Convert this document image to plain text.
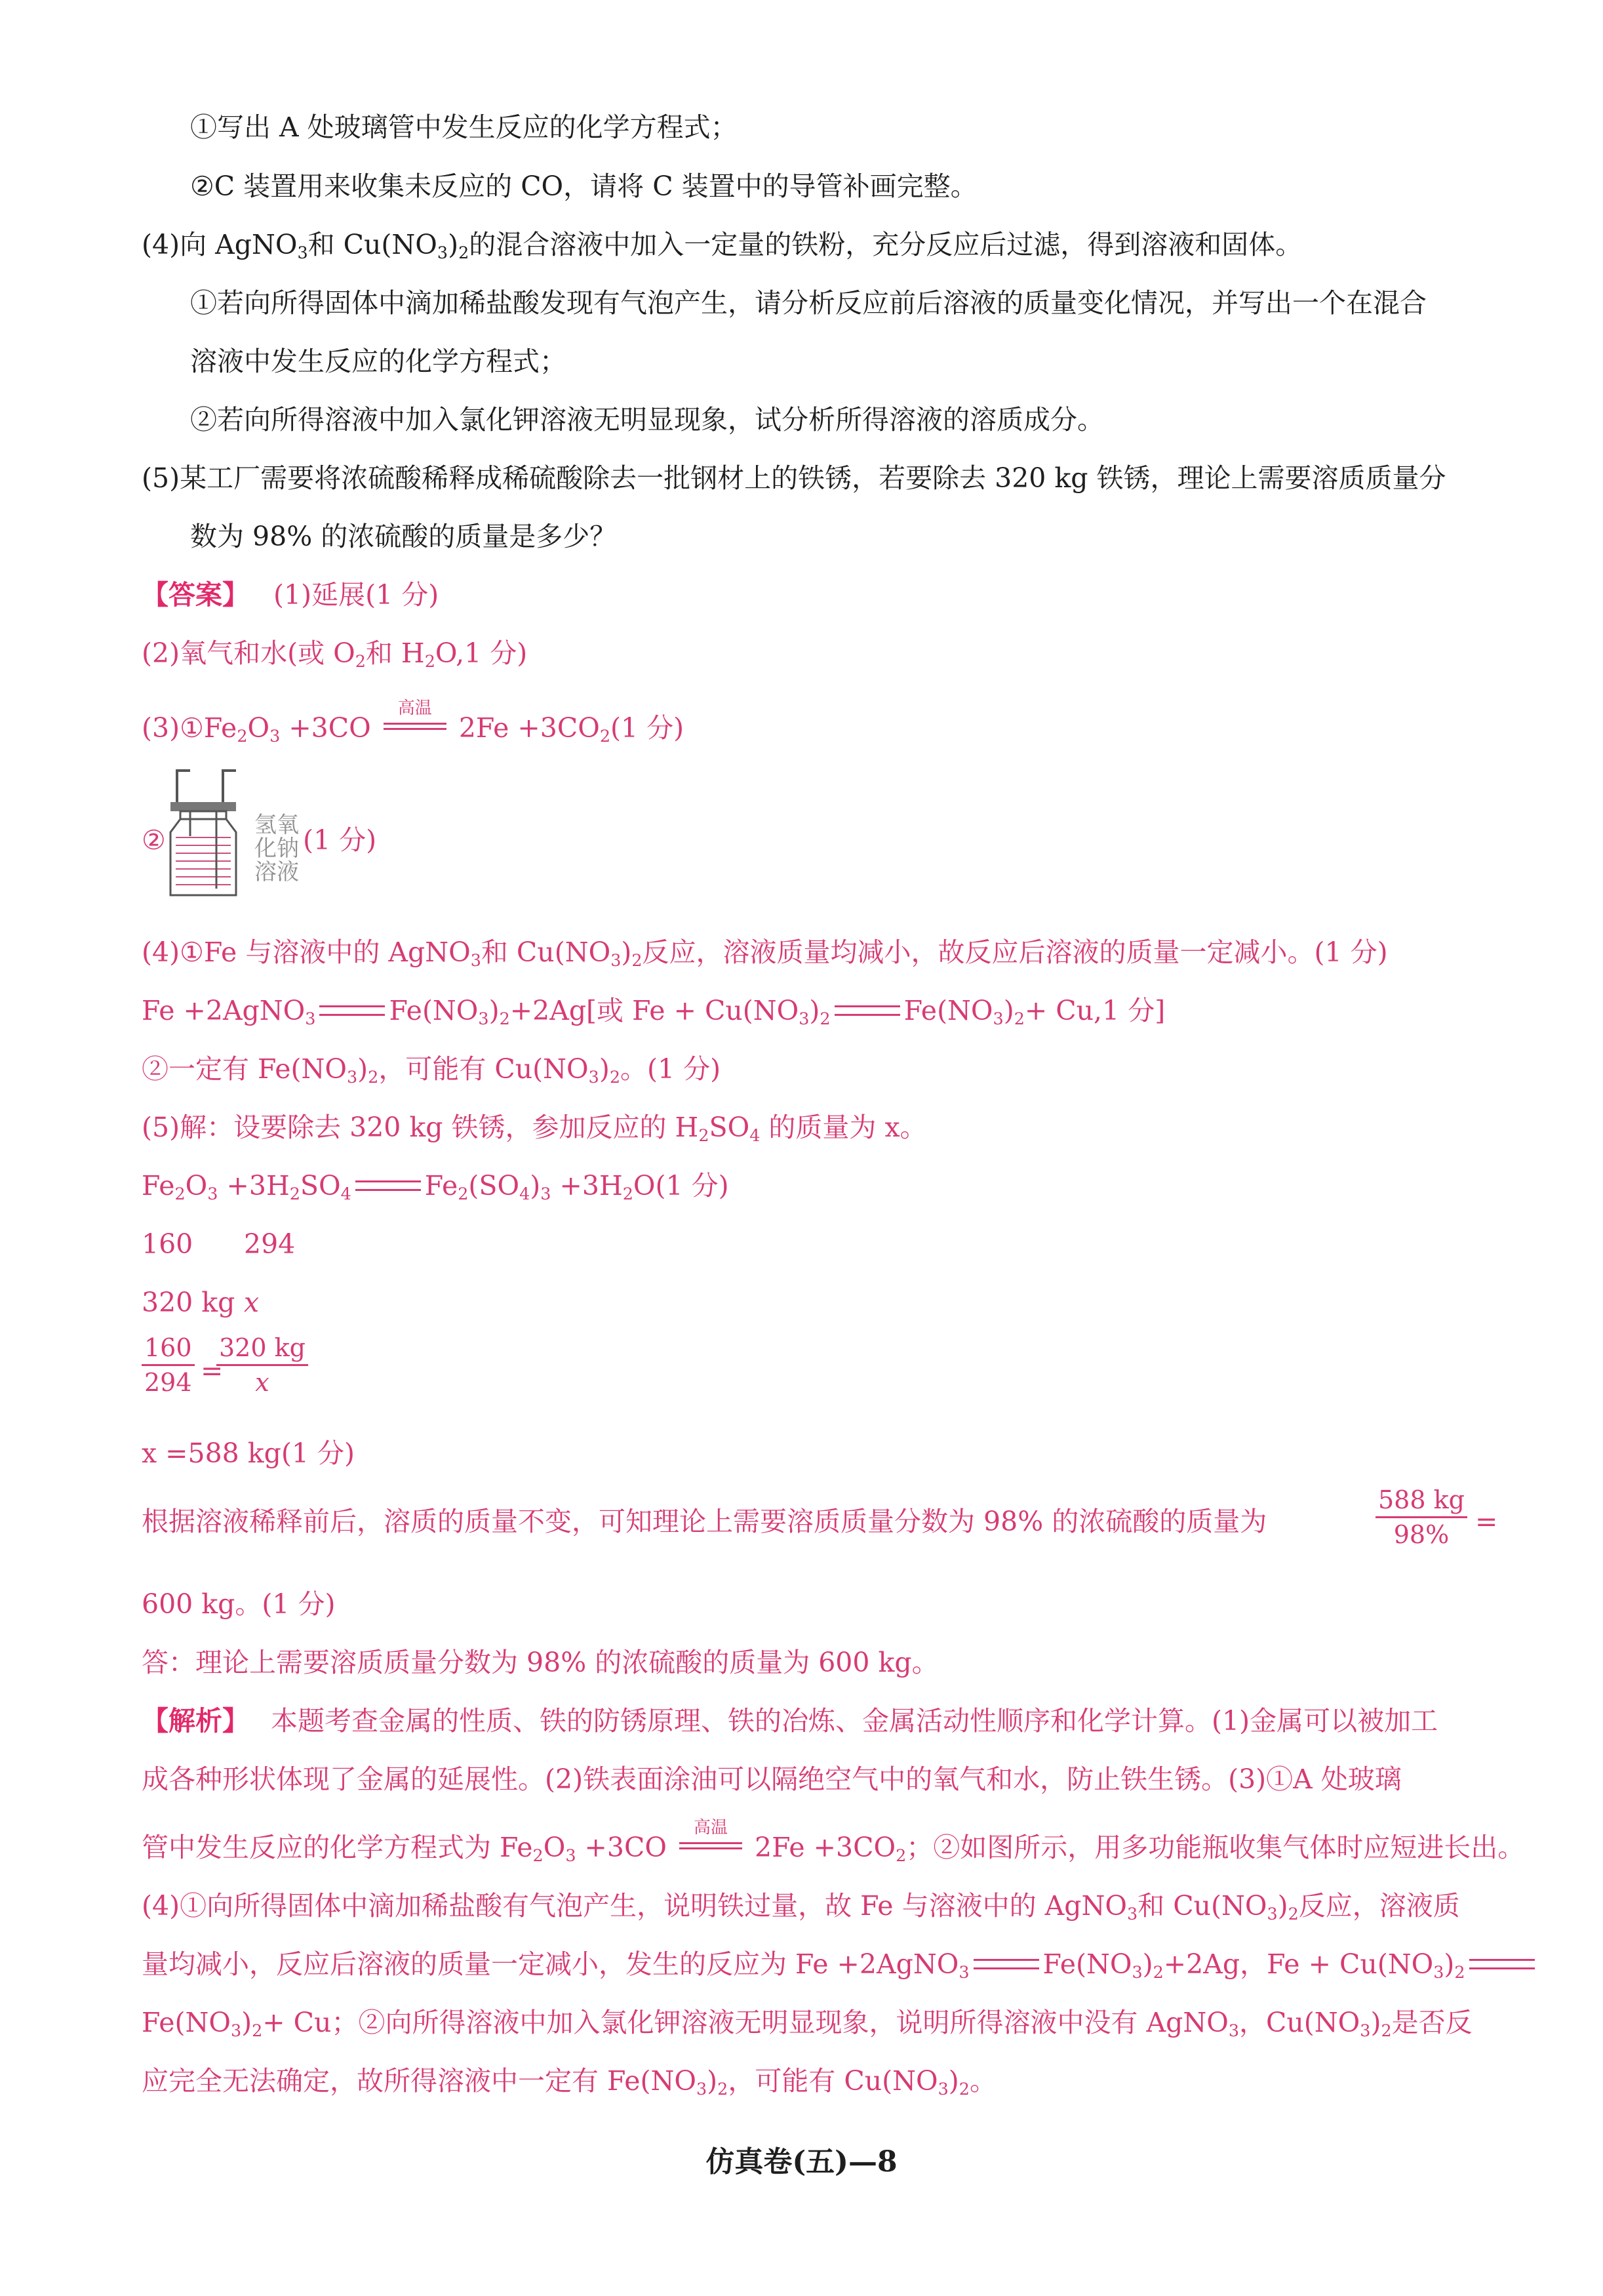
①写出 A 处玻璃管中发生反应的化学方程式；
②C 装置用来收集未反应的 CO，请将 C 装置中的导管补画完整。
(4)向 AgNO$_3$和 $Cu(NO_3)_2$的混合溶液中加入一定量的铁粉，充分反应后过滤，得到溶液和固体。
①若向所得固体中滴加稀盐酸发现有气泡产生，请分析反应前后溶液的质量变化情况，并写出一个在混合
溶液中发生反应的化学方程式；
②若向所得溶液中加入氯化钾溶液无明显现象，试分析所得溶液的溶质成分。
(5)某工厂需要将浓硫酸稀释成稀硫酸除去一批钢材上的铁锈，若要除去 320 kg 铁锈，理论上需要溶质质量分
数为 98% 的浓硫酸的质量是多少？
【答案】 (1)延展(1 分)
(2)氧气和水(或 $O_2$和 $H_2O,1$ 分)
$(3)①Fe_2O_3 +3CO$
高温
$2Fe +3CO_2(1$ 分)
②	氢氧
化钠
溶液
(1 分)
(4)①Fe 与溶液中的 AgNO$_3$和 $Cu(NO_3)_2$反应，溶液质量均减小，故反应后溶液的质量一定减小。(1 分)
Fe +2AgNO$_3$	$Fe(NO_3)_2+2Ag$[或 $Fe + Cu(NO_3)_2$	$Fe(NO_3)_2+ Cu,1$ 分]
②一定有 $Fe(NO_3)_2$，可能有 $Cu(NO_3)_2$。(1 分)
(5)解：设要除去 320 kg 铁锈，参加反应的 $H_2SO_4$ 的质量为 x。
$Fe_2O_3 +3H_2SO_4$	$Fe_2(SO_4)_3 +3H_2O(1$ 分)
160 294
320 kg x
$\frac{160}{294}$ =
$\frac{320 kg}{x}$
x =588 kg(1 分)
根据溶液稀释前后，溶质的质量不变，可知理论上需要溶质质量分数为 98% 的浓硫酸的质量为	$\frac{588 kg}{98\%}$ =
600 kg。(1 分)
答：理论上需要溶质质量分数为 98% 的浓硫酸的质量为 600 kg。
【解析】 本题考查金属的性质、铁的防锈原理、铁的冶炼、金属活动性顺序和化学计算。(1)金属可以被加工
成各种形状体现了金属的延展性。(2)铁表面涂油可以隔绝空气中的氧气和水，防止铁生锈。(3)①A 处玻璃
管中发生反应的化学方程式为 $Fe_2O_3 +3CO$
高温
$2Fe +3CO_2$；②如图所示，用多功能瓶收集气体时应短进长出。
(4)①向所得固体中滴加稀盐酸有气泡产生，说明铁过量，故 Fe 与溶液中的 AgNO$_3$和 $Cu(NO_3)_2$反应，溶液质
量均减小，反应后溶液的质量一定减小，发生的反应为 Fe +2AgNO$_3$	$Fe(NO_3)_2+2Ag$，$Fe + Cu(NO_3)_2$
$Fe(NO_3)_2+ Cu$；②向所得溶液中加入氯化钾溶液无明显现象，说明所得溶液中没有 AgNO$_3$，$Cu(NO_3)_2$是否反
应完全无法确定，故所得溶液中一定有 $Fe(NO_3)_2$，可能有 $Cu(NO_3)_2$。
仿真卷(五)—8
